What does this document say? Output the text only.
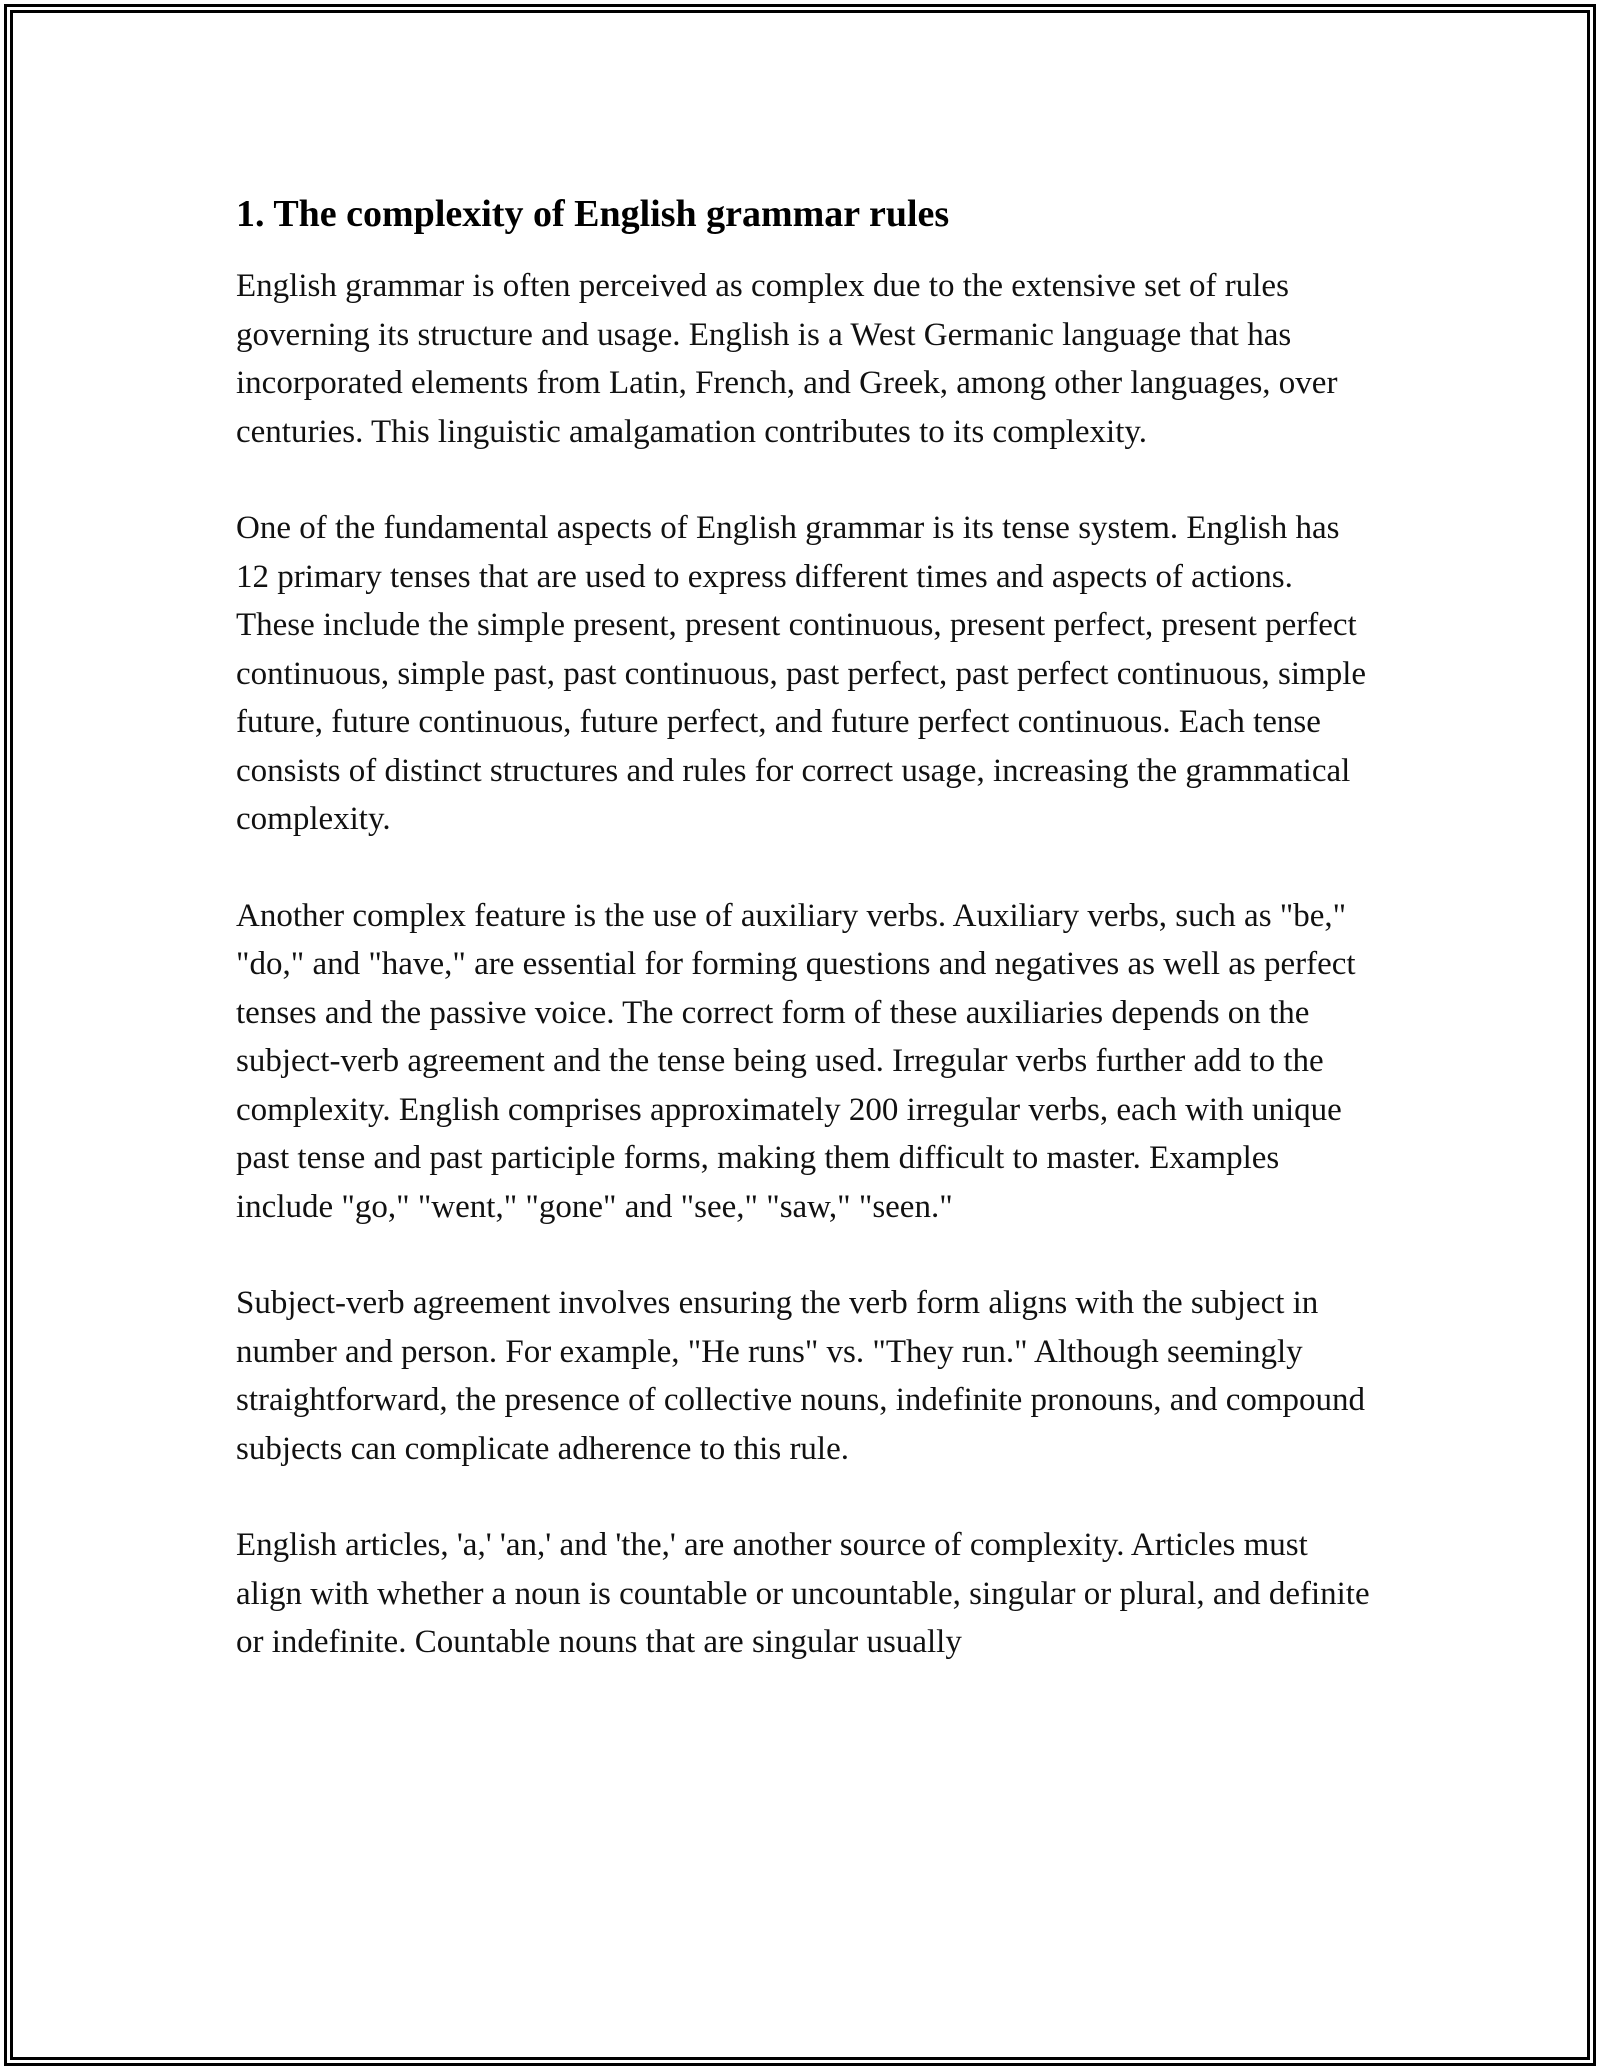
1. The complexity of English grammar rules

English grammar is often perceived as complex due to the extensive set of rules governing its structure and usage. English is a West Germanic language that has incorporated elements from Latin, French, and Greek, among other languages, over centuries. This linguistic amalgamation contributes to its complexity.

One of the fundamental aspects of English grammar is its tense system. English has 12 primary tenses that are used to express different times and aspects of actions. These include the simple present, present continuous, present perfect, present perfect continuous, simple past, past continuous, past perfect, past perfect continuous, simple future, future continuous, future perfect, and future perfect continuous. Each tense consists of distinct structures and rules for correct usage, increasing the grammatical complexity.

Another complex feature is the use of auxiliary verbs. Auxiliary verbs, such as "be," "do," and "have," are essential for forming questions and negatives as well as perfect tenses and the passive voice. The correct form of these auxiliaries depends on the subject-verb agreement and the tense being used. Irregular verbs further add to the complexity. English comprises approximately 200 irregular verbs, each with unique past tense and past participle forms, making them difficult to master. Examples include "go," "went," "gone" and "see," "saw," "seen."

Subject-verb agreement involves ensuring the verb form aligns with the subject in number and person. For example, "He runs" vs. "They run." Although seemingly straightforward, the presence of collective nouns, indefinite pronouns, and compound subjects can complicate adherence to this rule.

English articles, 'a,' 'an,' and 'the,' are another source of complexity. Articles must align with whether a noun is countable or uncountable, singular or plural, and definite or indefinite. Countable nouns that are singular usually
